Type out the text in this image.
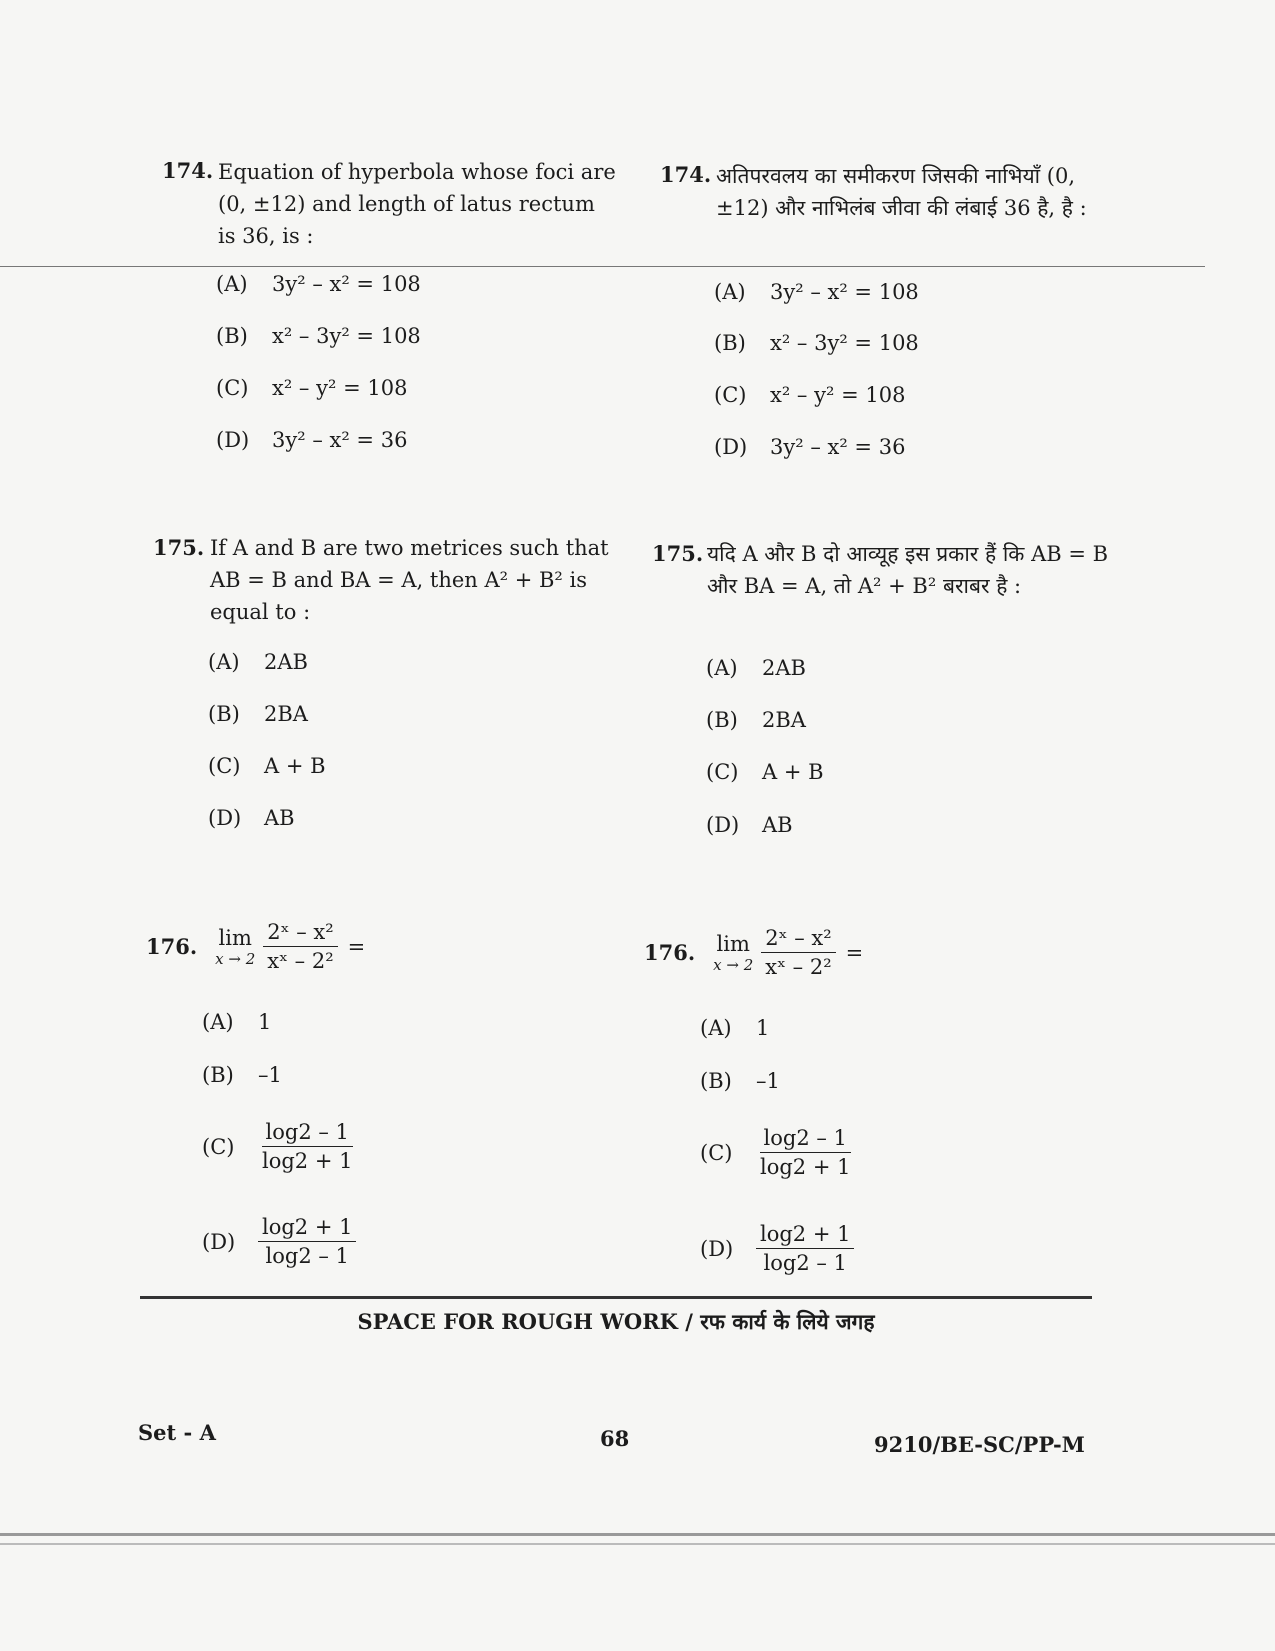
174. Equation of hyperbola whose foci are (0, ±12) and length of latus rectum is 36, is :
174. अतिपरवलय का समीकरण जिसकी नाभियाँ (0, ±12) और नाभिलंब जीवा की लंबाई 36 है, है :
(A) 3y² – x² = 108
(B) x² – 3y² = 108
(C) x² – y² = 108
(D) 3y² – x² = 36
(A) 3y² – x² = 108
(B) x² – 3y² = 108
(C) x² – y² = 108
(D) 3y² – x² = 36
175. If A and B are two metrices such that AB = B and BA = A, then A² + B² is equal to :
175. यदि A और B दो आव्यूह इस प्रकार हैं कि AB = B और BA = A, तो A² + B² बराबर है :
(A) 2AB
(B) 2BA
(C) A + B
(D) AB
(A) 2AB
(B) 2BA
(C) A + B
(D) AB
176. lim
$x \to 2 \frac{\text{2ˣ – x²}}{\text{xˣ – 2²}}$ =	176. lim
$x \to 2 \frac{\text{2ˣ – x²}}{\text{xˣ – 2²}}$ =
(A) 1
(B) –1
(C)	$\frac{\log 2 - 1}{\log 2 + 1}$
(D)	$\frac{\log 2 + 1}{\log 2 - 1}$
(A) 1
(B) –1
(C)	$\frac{\log 2 - 1}{\log 2 + 1}$
(D)	$\frac{\log 2 + 1}{\log 2 - 1}$
SPACE FOR ROUGH WORK / रफ कार्य के लिये जगह
Set - A	68	9210/BE-SC/PP-M
